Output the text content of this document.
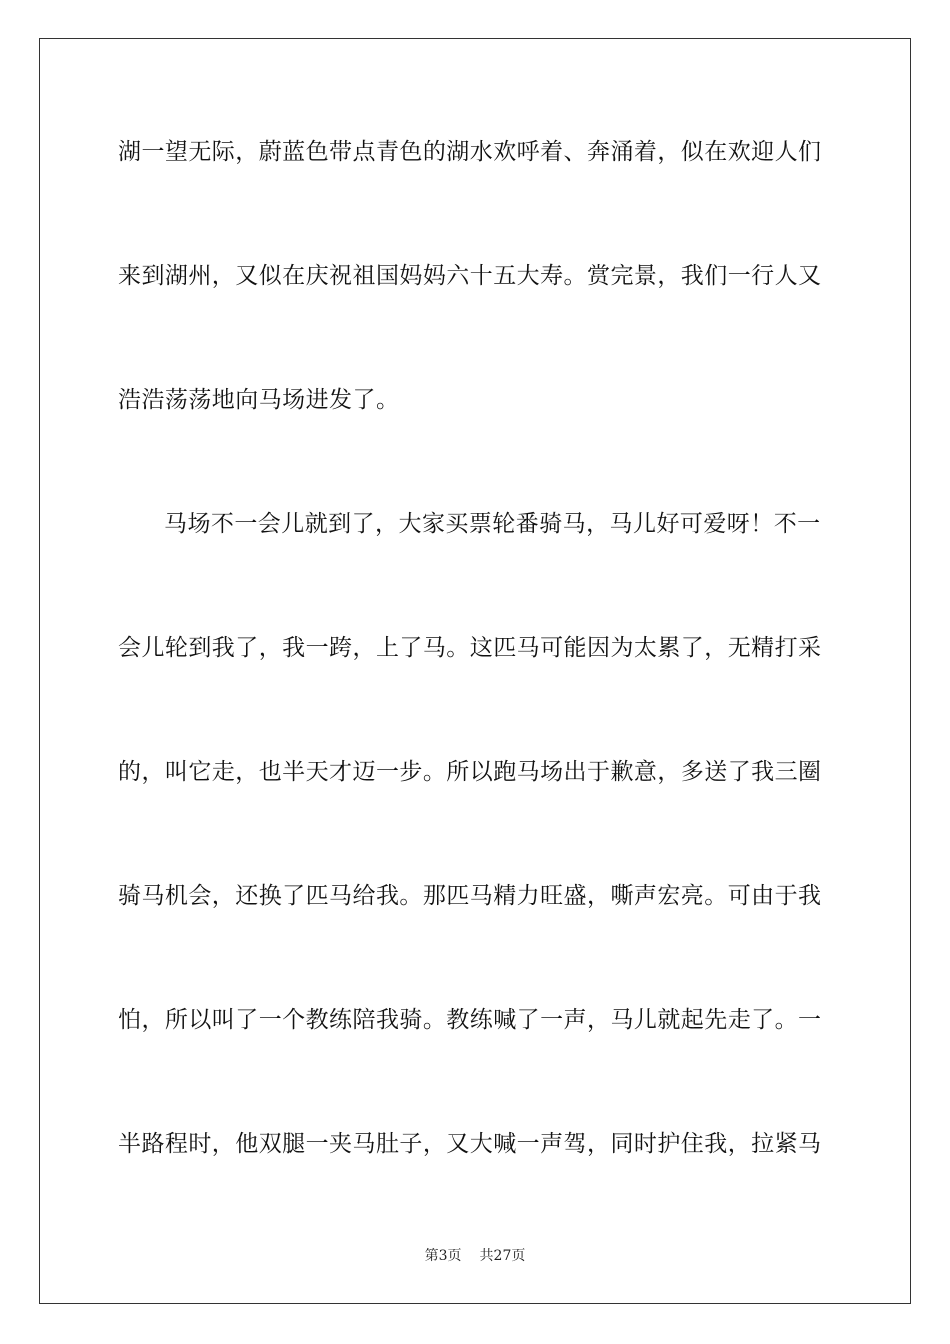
湖一望无际，蔚蓝色带点青色的湖水欢呼着、奔涌着，似在欢迎人们
来到湖州，又似在庆祝祖国妈妈六十五大寿。赏完景，我们一行人又
浩浩荡荡地向马场进发了。
马场不一会儿就到了，大家买票轮番骑马，马儿好可爱呀！不一
会儿轮到我了，我一跨，上了马。这匹马可能因为太累了，无精打采
的，叫它走，也半天才迈一步。所以跑马场出于歉意，多送了我三圈
骑马机会，还换了匹马给我。那匹马精力旺盛，嘶声宏亮。可由于我
怕，所以叫了一个教练陪我骑。教练喊了一声，马儿就起先走了。一
半路程时，他双腿一夹马肚子，又大喊一声驾，同时护住我，拉紧马
第3页 共27页
